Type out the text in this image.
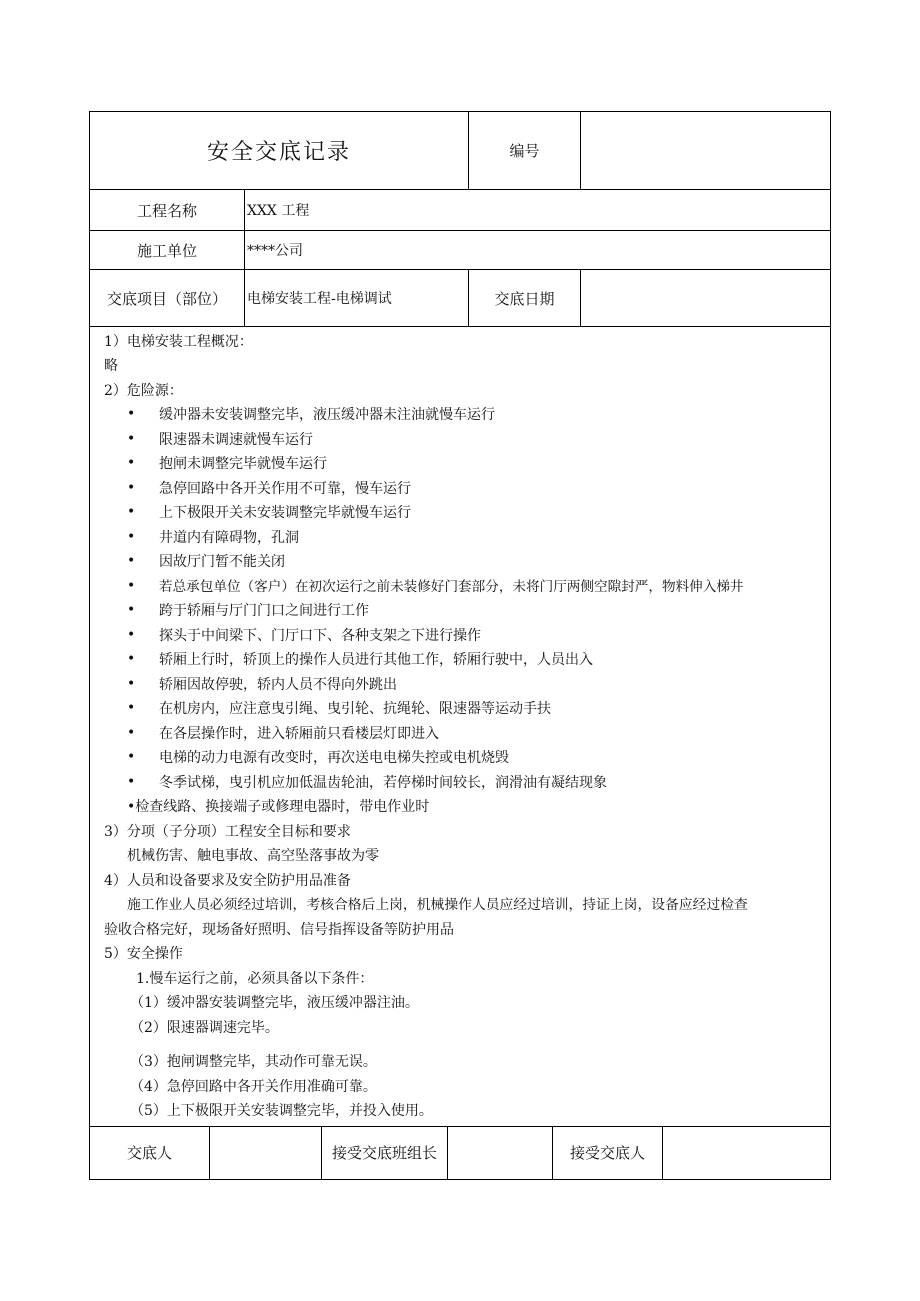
安全交底记录	编号
工程名称	XXX 工程
施工单位	****公司
交底项目（部位）	电梯安装工程-电梯调试	交底日期
1）电梯安装工程概况：
略
2）危险源：
• 缓冲器未安装调整完毕，液压缓冲器未注油就慢车运行
• 限速器未调速就慢车运行
• 抱闸未调整完毕就慢车运行
• 急停回路中各开关作用不可靠，慢车运行
• 上下极限开关未安装调整完毕就慢车运行
• 井道内有障碍物，孔洞
• 因故厅门暂不能关闭
• 若总承包单位（客户）在初次运行之前未装修好门套部分，未将门厅两侧空隙封严，物料伸入梯井
• 跨于轿厢与厅门门口之间进行工作
• 探头于中间梁下、门厅口下、各种支架之下进行操作
• 轿厢上行时，轿顶上的操作人员进行其他工作，轿厢行驶中，人员出入
• 轿厢因故停驶，轿内人员不得向外跳出
• 在机房内，应注意曳引绳、曳引轮、抗绳轮、限速器等运动手扶
• 在各层操作时，进入轿厢前只看楼层灯即进入
• 电梯的动力电源有改变时，再次送电电梯失控或电机烧毁
• 冬季试梯，曳引机应加低温齿轮油，若停梯时间较长，润滑油有凝结现象
•检查线路、换接端子或修理电器时，带电作业时
3）分项（子分项）工程安全目标和要求
机械伤害、触电事故、高空坠落事故为零
4）人员和设备要求及安全防护用品准备
施工作业人员必须经过培训，考核合格后上岗，机械操作人员应经过培训，持证上岗，设备应经过检查
验收合格完好，现场备好照明、信号指挥设备等防护用品
5）安全操作
1.慢车运行之前，必须具备以下条件：
（1）缓冲器安装调整完毕，液压缓冲器注油。
（2）限速器调速完毕。
（3）抱闸调整完毕，其动作可靠无误。
（4）急停回路中各开关作用准确可靠。
（5）上下极限开关安装调整完毕，并投入使用。
交底人	接受交底班组长	接受交底人
